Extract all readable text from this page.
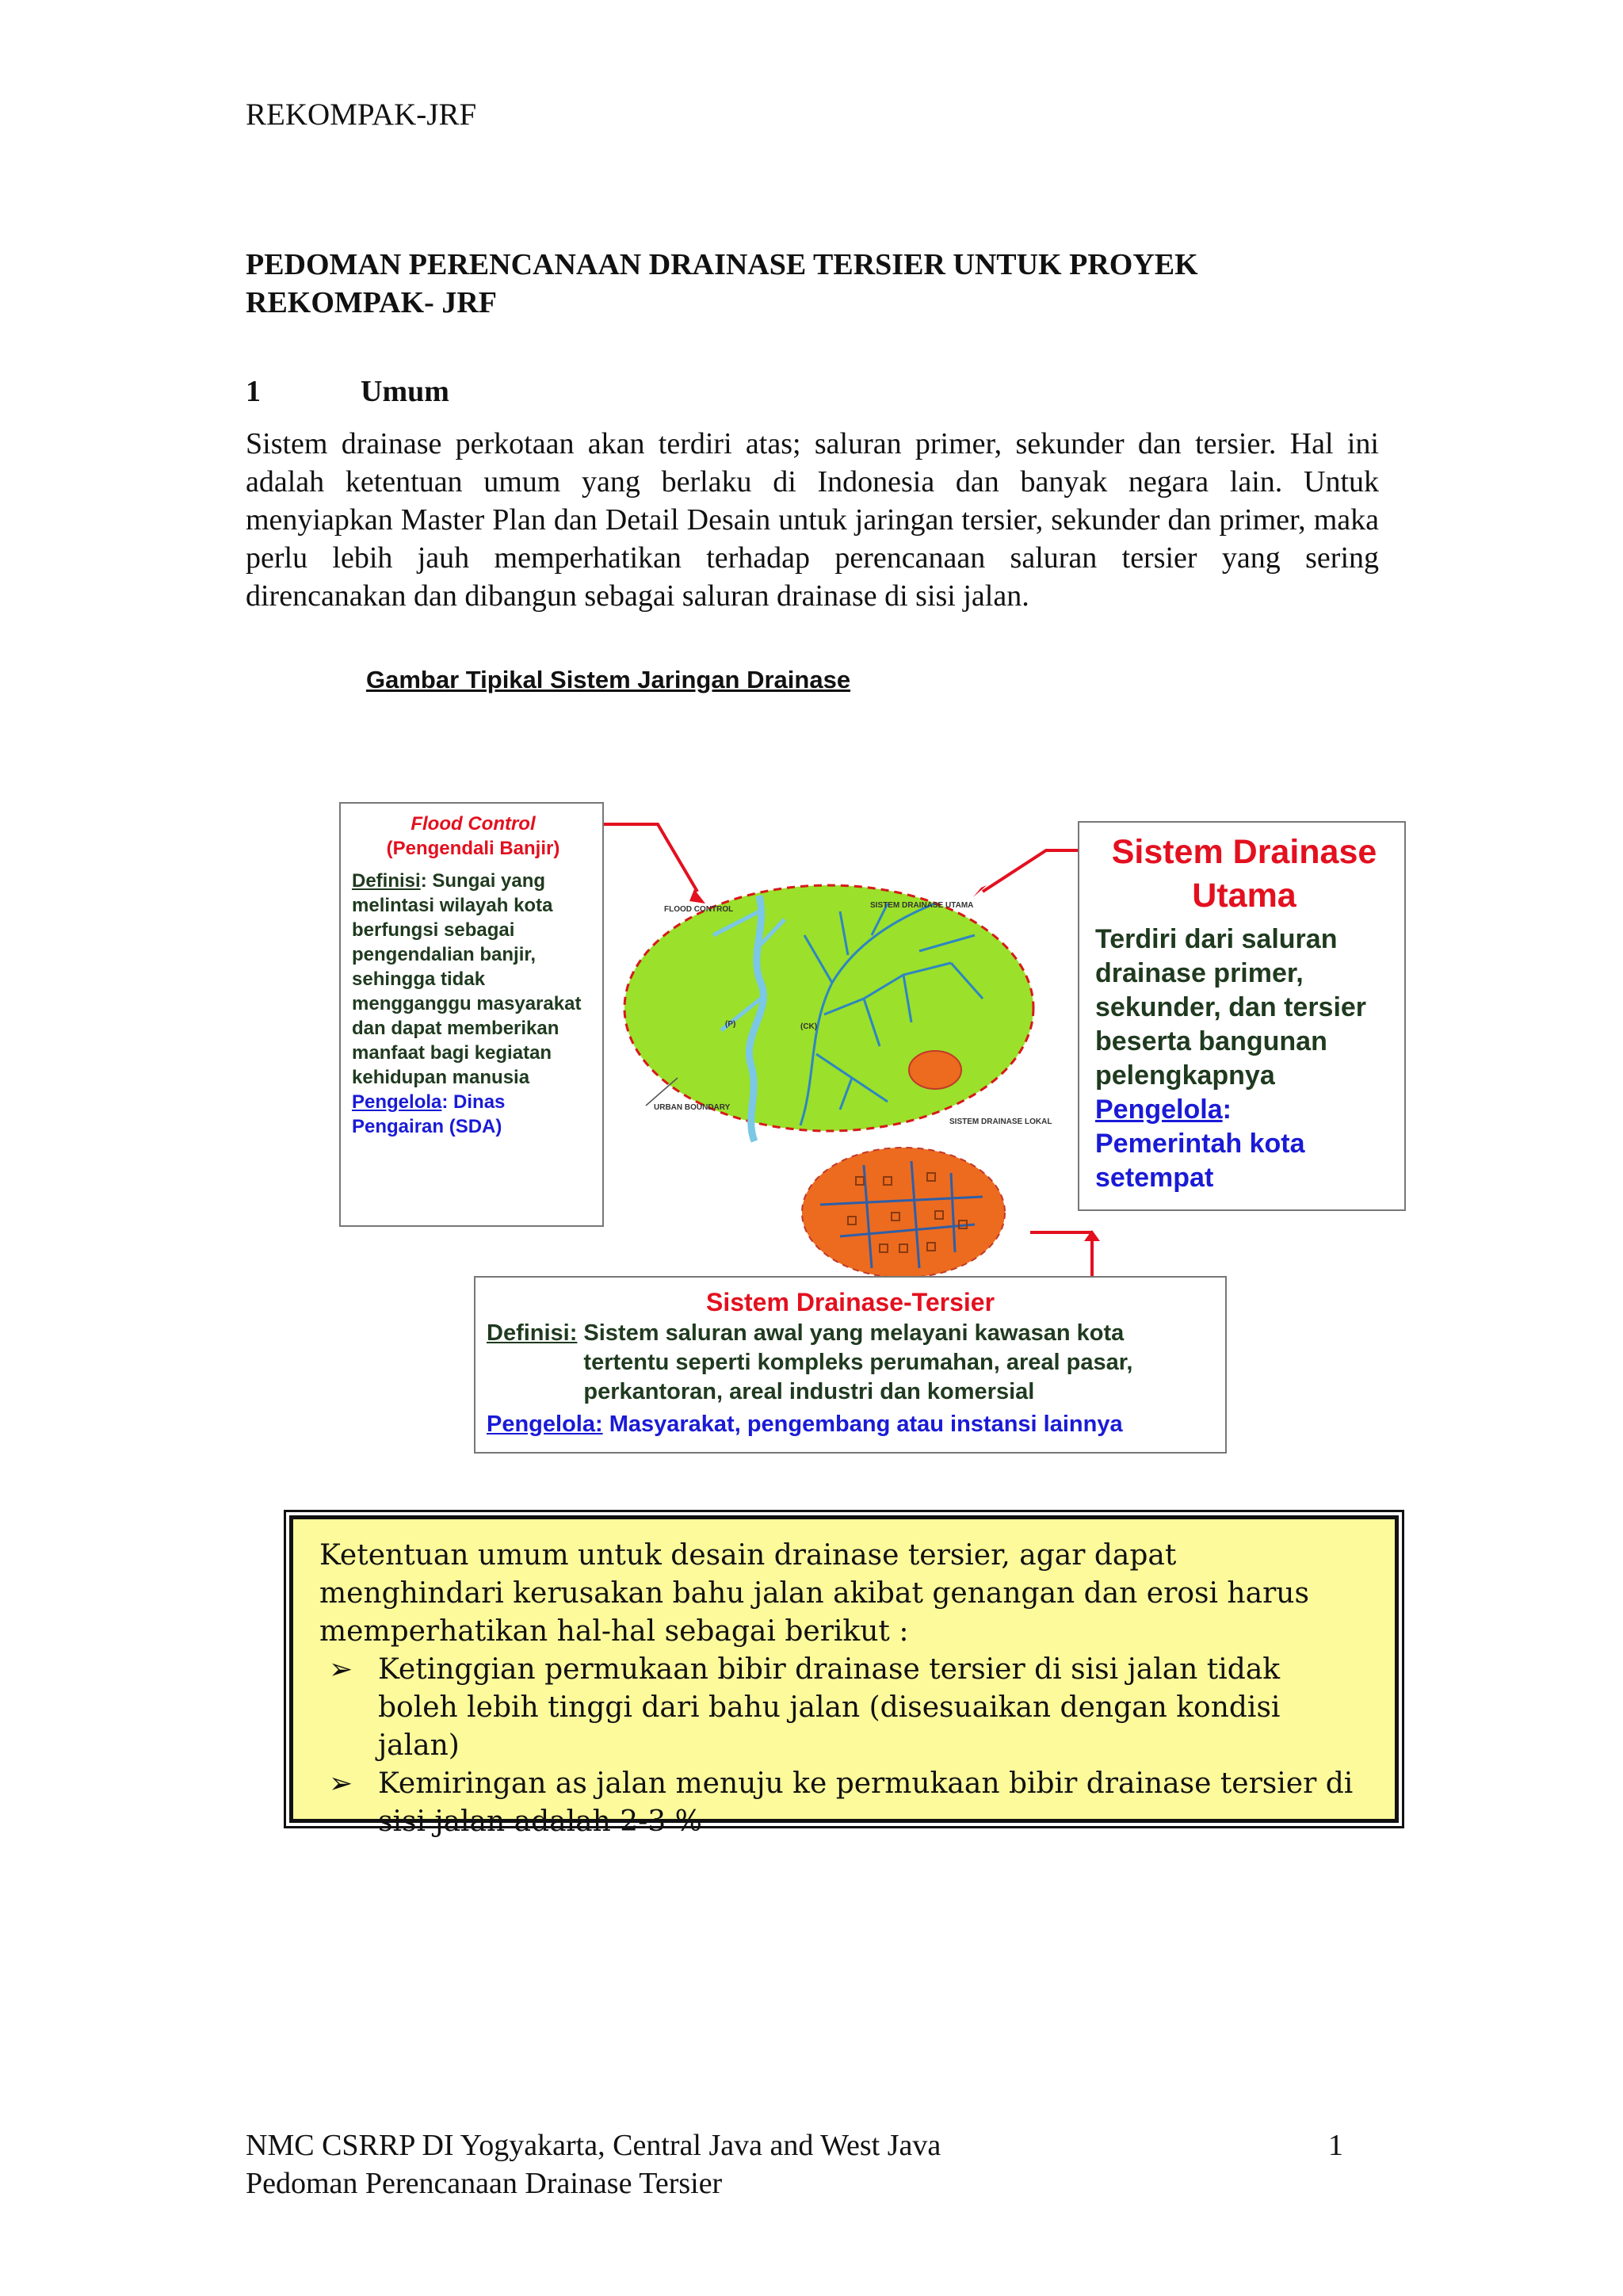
REKOMPAK-JRF
PEDOMAN PERENCANAAN DRAINASE TERSIER UNTUK PROYEK REKOMPAK- JRF
1	Umum
Sistem drainase perkotaan akan terdiri atas; saluran primer, sekunder dan tersier. Hal ini adalah ketentuan umum yang berlaku di Indonesia dan banyak negara lain. Untuk menyiapkan Master Plan dan Detail Desain untuk jaringan tersier, sekunder dan primer, maka perlu lebih jauh memperhatikan terhadap perencanaan saluran tersier yang sering direncanakan dan dibangun sebagai saluran drainase di sisi jalan.
Gambar Tipikal Sistem Jaringan Drainase
FLOOD CONTROL	SISTEM DRAINASE UTAMA
(P)	(CK)
URBAN BOUNDARY
SISTEM DRAINASE LOKAL
Flood Control
(Pengendali Banjir)
Definisi: Sungai yang melintasi wilayah kota berfungsi sebagai pengendalian banjir, sehingga tidak mengganggu masyarakat dan dapat memberikan manfaat bagi kegiatan kehidupan manusia
Pengelola: Dinas Pengairan (SDA)
Sistem Drainase Utama
Terdiri dari saluran drainase primer, sekunder, dan tersier beserta bangunan pelengkapnya
Pengelola:
Pemerintah kota setempat
Sistem Drainase-Tersier
Definisi: Sistem saluran awal yang melayani kawasan kota tertentu seperti kompleks perumahan, areal pasar, perkantoran, areal industri dan komersial
Pengelola: Masyarakat, pengembang atau instansi lainnya
Ketentuan umum untuk desain drainase tersier, agar dapat menghindari kerusakan bahu jalan akibat genangan dan erosi harus memperhatikan hal-hal sebagai berikut :
➢ Ketinggian permukaan bibir drainase tersier di sisi jalan tidak boleh lebih tinggi dari bahu jalan (disesuaikan dengan kondisi jalan)
➢ Kemiringan as jalan menuju ke permukaan bibir drainase tersier di sisi jalan adalah 2-3 %
NMC CSRRP DI Yogyakarta, Central Java and West Java
Pedoman Perencanaan Drainase Tersier
1
